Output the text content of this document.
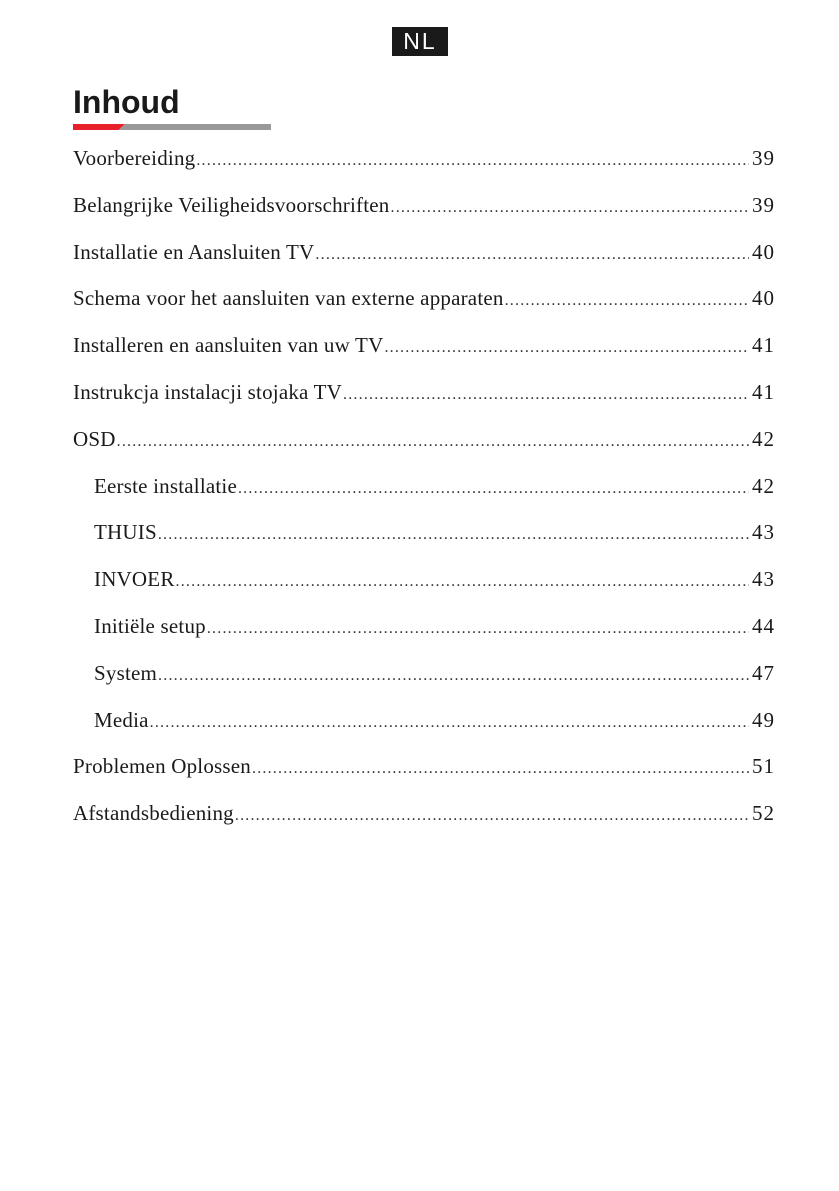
NL
Inhoud
Voorbereiding .....	39
Belangrijke Veiligheidsvoorschriften .....	39
Installatie en Aansluiten TV .....	40
Schema voor het aansluiten van externe apparaten .....	40
Installeren en aansluiten van uw TV .....	41
Instrukcja instalacji stojaka TV .....	41
OSD .....	42
Eerste installatie .....	42
THUIS .....	43
INVOER .....	43
Initiële setup .....	44
System .....	47
Media .....	49
Problemen Oplossen .....	51
Afstandsbediening .....	52
